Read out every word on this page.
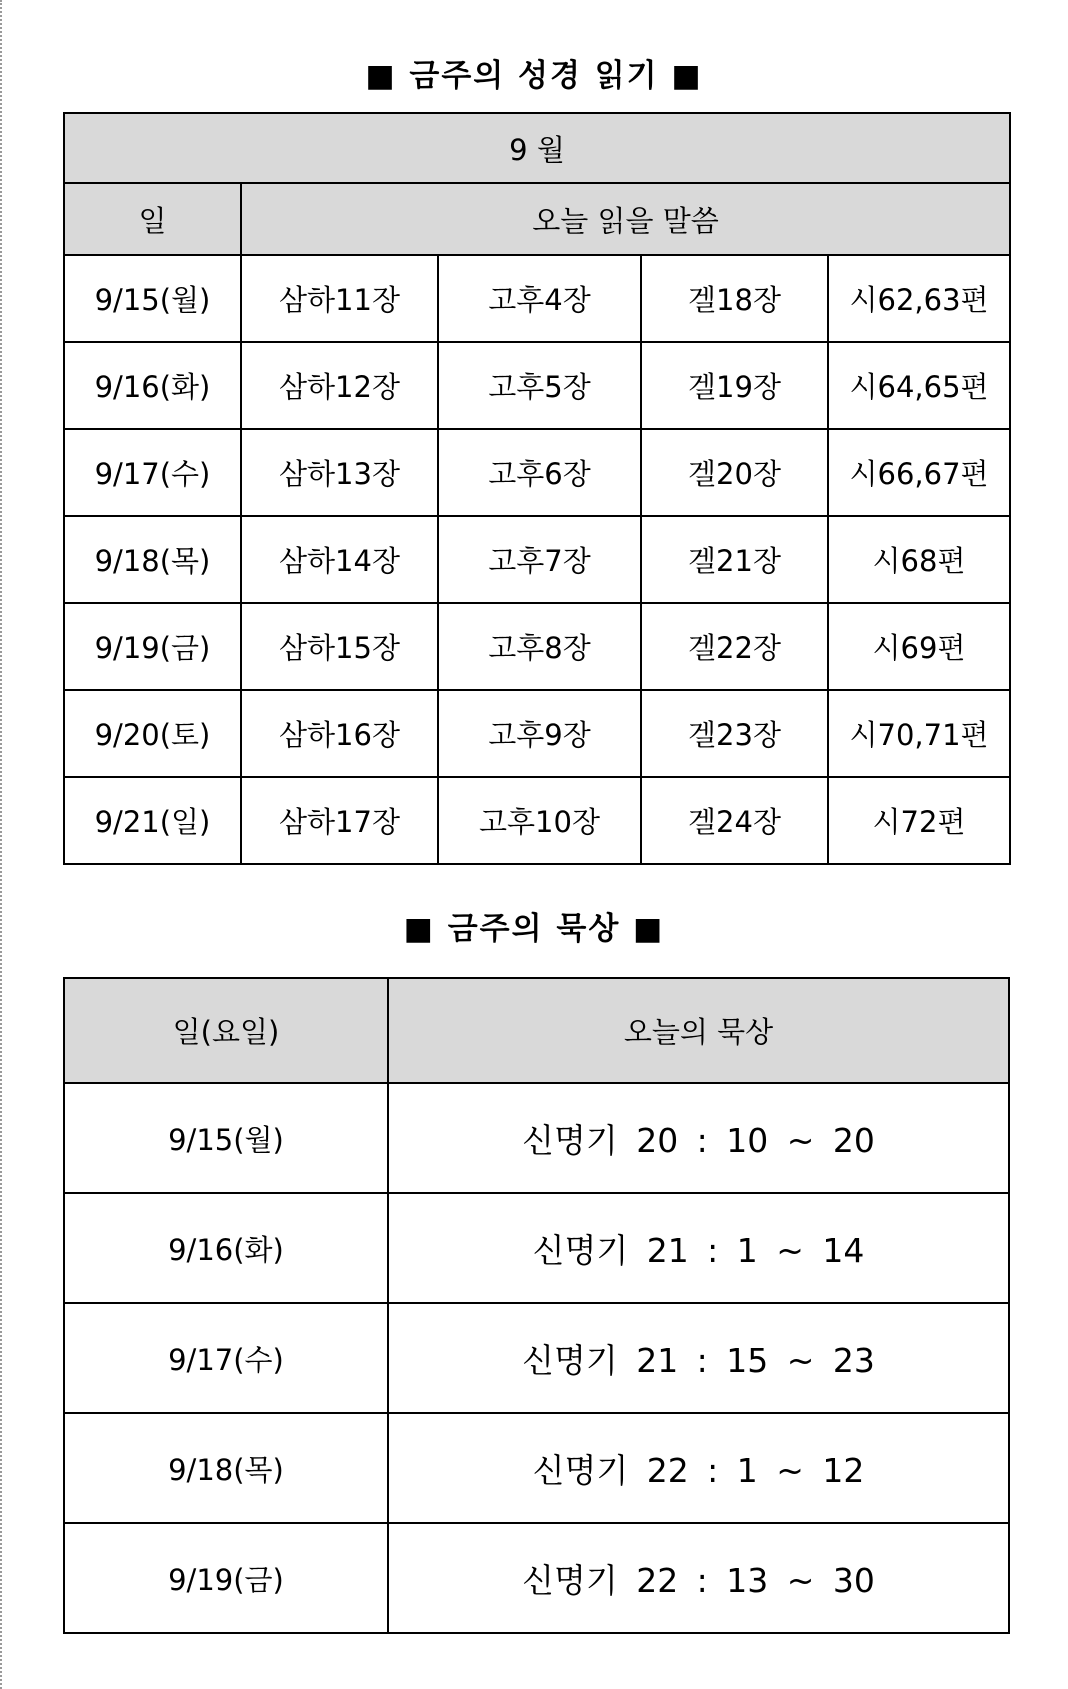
■ 금주의 성경 읽기 ■
9 월				
일	오늘 읽을 말씀			
9/15(월)	삼하11장	고후4장	겔18장	시62,63편
9/16(화)	삼하12장	고후5장	겔19장	시64,65편
9/17(수)	삼하13장	고후6장	겔20장	시66,67편
9/18(목)	삼하14장	고후7장	겔21장	시68편
9/19(금)	삼하15장	고후8장	겔22장	시69편
9/20(토)	삼하16장	고후9장	겔23장	시70,71편
9/21(일)	삼하17장	고후10장	겔24장	시72편
■ 금주의 묵상 ■
일(요일)	오늘의 묵상
9/15(월)	신명기 20 : 10 ~ 20
9/16(화)	신명기 21 : 1 ~ 14
9/17(수)	신명기 21 : 15 ~ 23
9/18(목)	신명기 22 : 1 ~ 12
9/19(금)	신명기 22 : 13 ~ 30
